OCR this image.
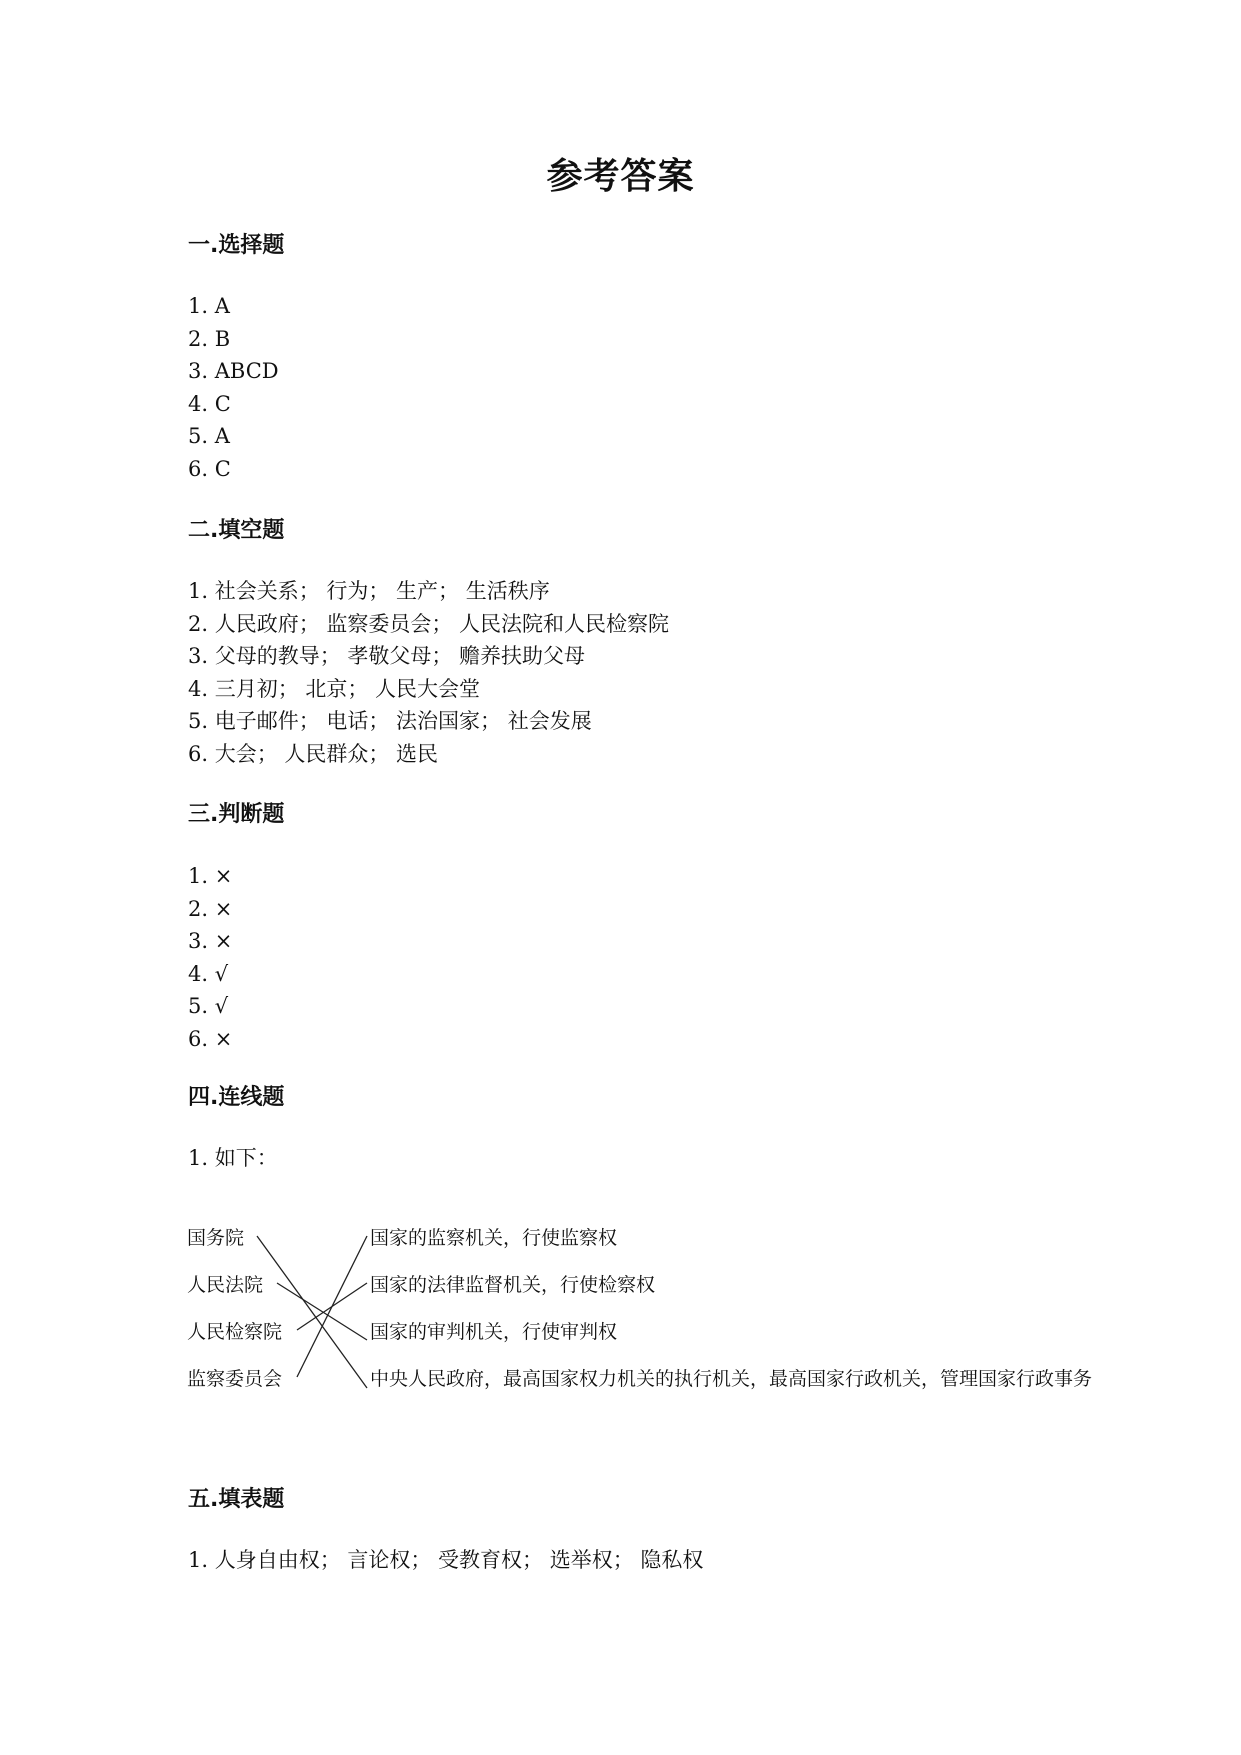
参考答案
一.选择题
1. A
2. B
3. ABCD
4. C
5. A
6. C
二.填空题
1. 社会关系； 行为； 生产； 生活秩序
2. 人民政府； 监察委员会； 人民法院和人民检察院
3. 父母的教导； 孝敬父母； 赡养扶助父母
4. 三月初； 北京； 人民大会堂
5. 电子邮件； 电话； 法治国家； 社会发展
6. 大会； 人民群众； 选民
三.判断题
1. ×
2. ×
3. ×
4. √
5. √
6. ×
四.连线题
1. 如下：
国务院
人民法院
人民检察院
监察委员会
国家的监察机关，行使监察权
国家的法律监督机关，行使检察权
国家的审判机关，行使审判权
中央人民政府，最高国家权力机关的执行机关，最高国家行政机关，管理国家行政事务
五.填表题
1. 人身自由权； 言论权； 受教育权； 选举权； 隐私权
